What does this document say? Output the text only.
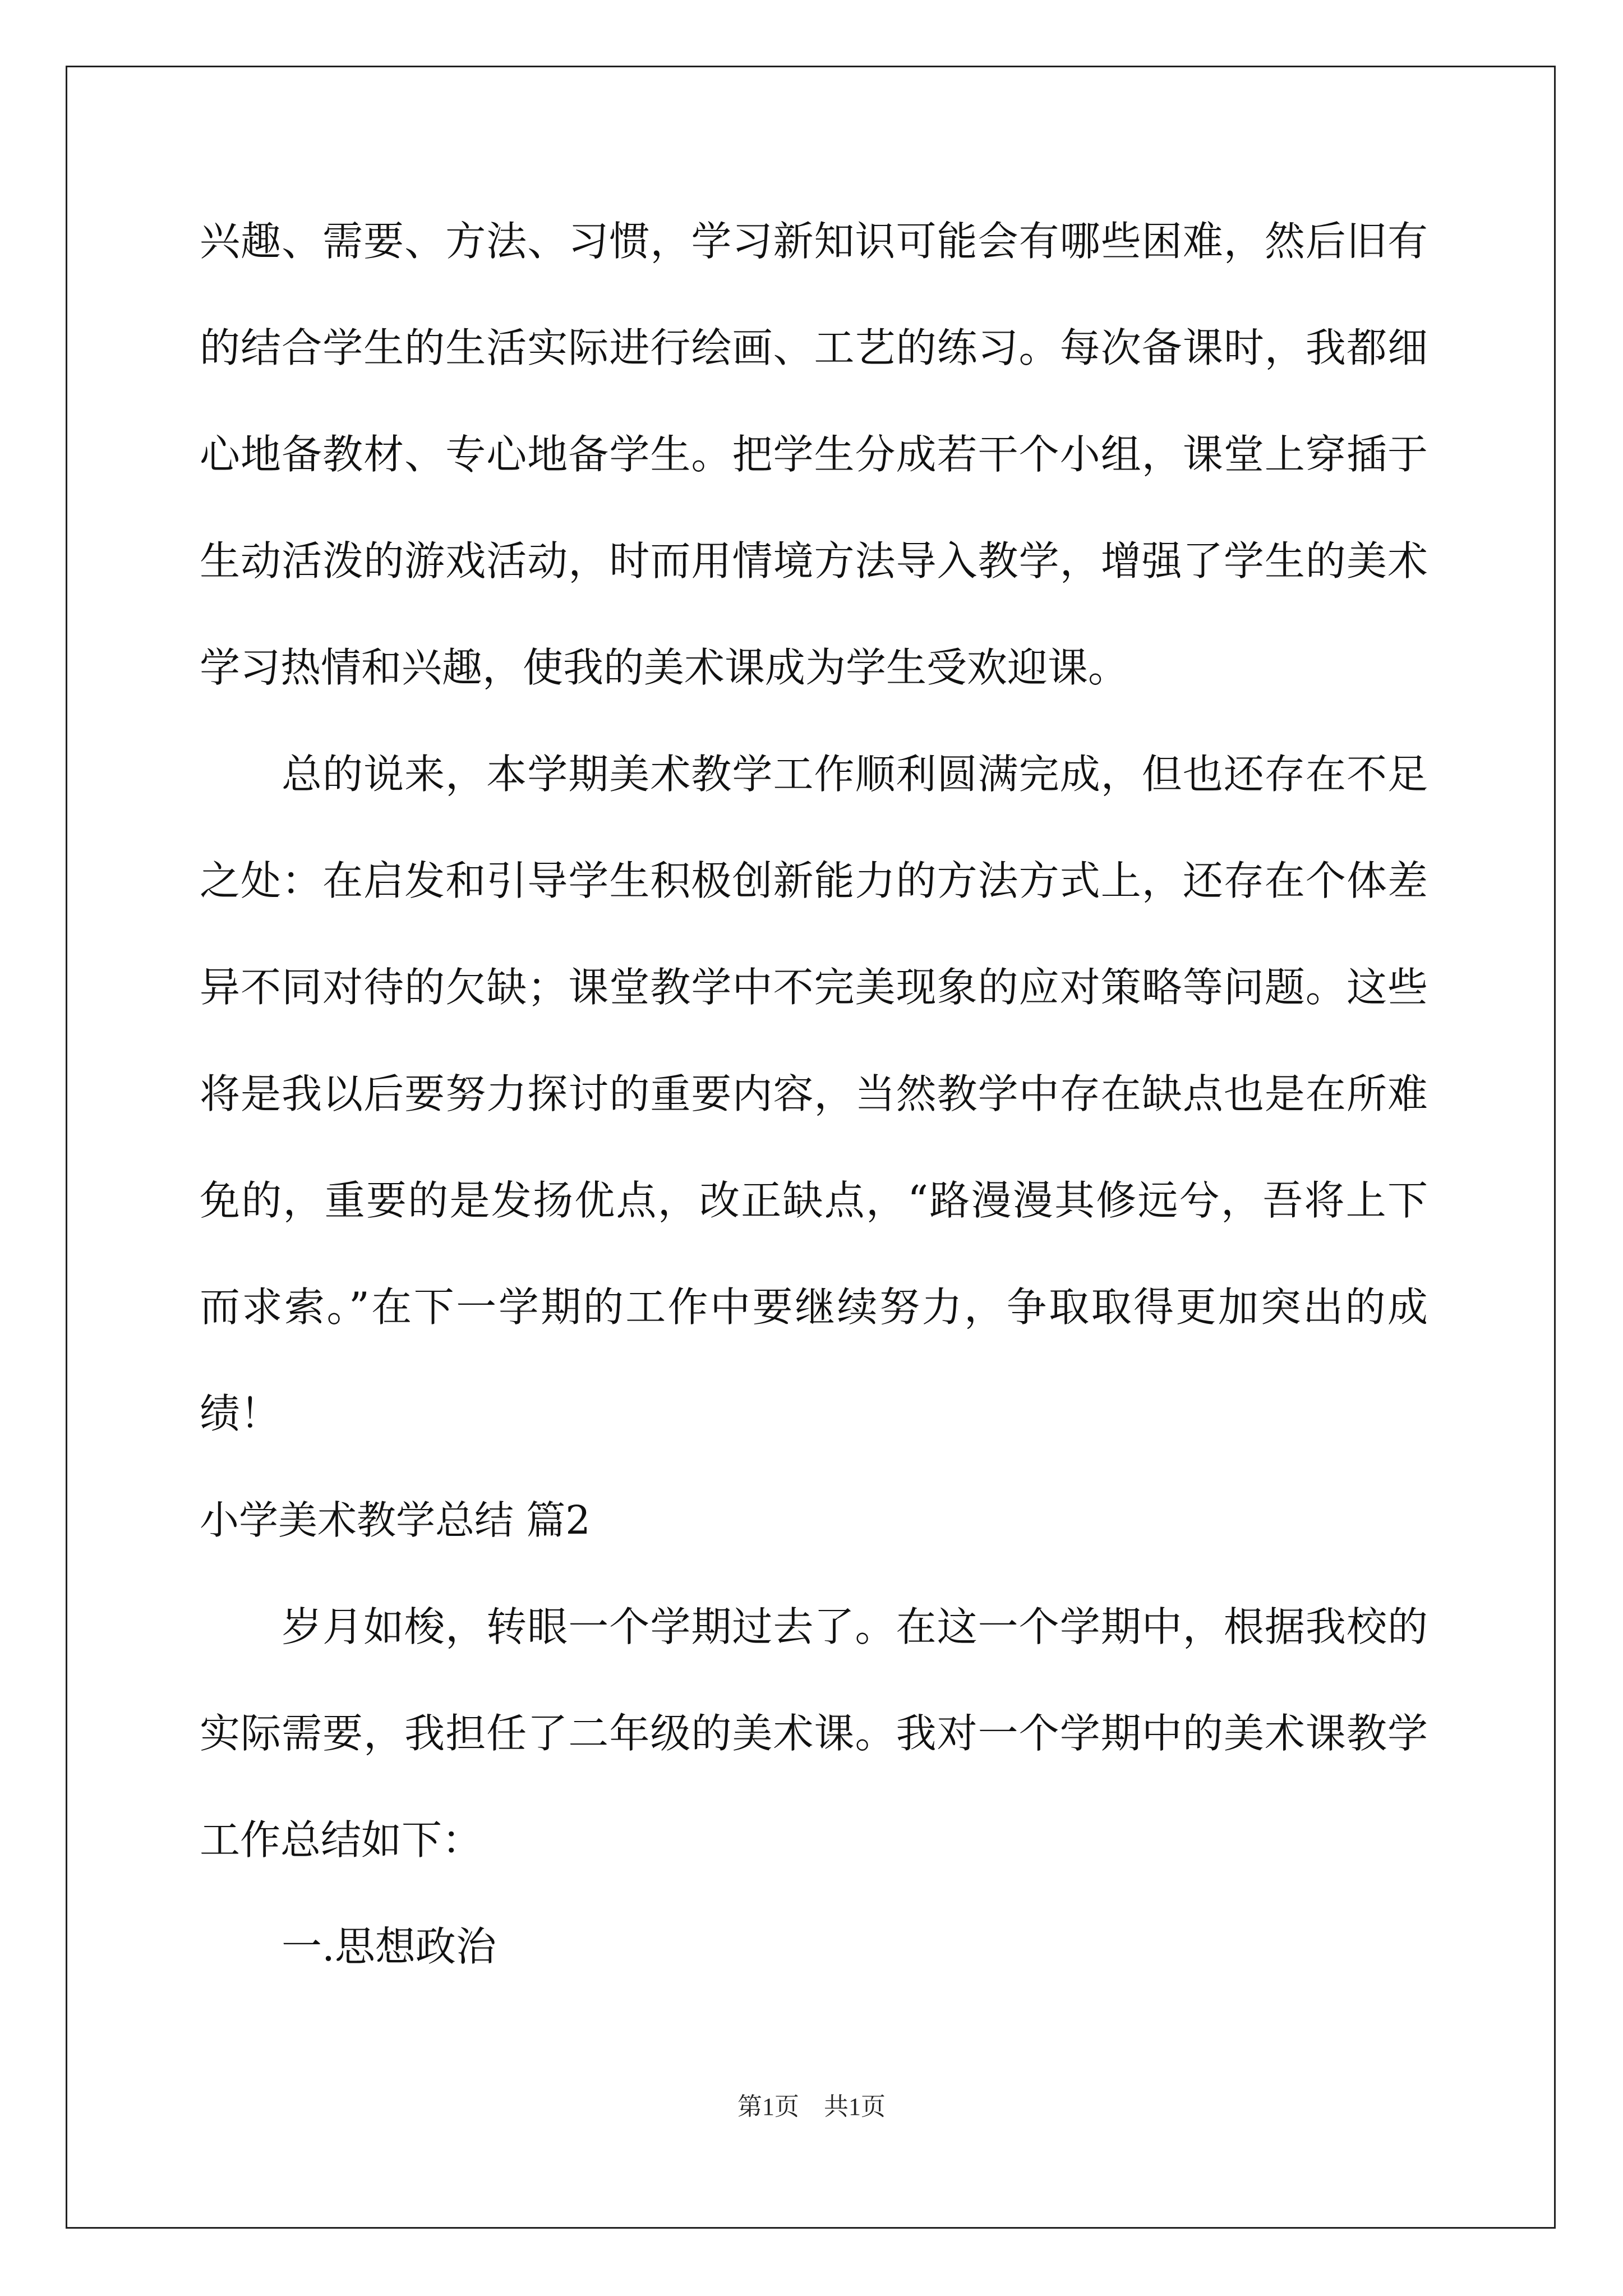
兴趣、需要、方法、习惯，学习新知识可能会有哪些困难，然后旧有
的结合学生的生活实际进行绘画、工艺的练习。每次备课时，我都细
心地备教材、专心地备学生。把学生分成若干个小组，课堂上穿插于
生动活泼的游戏活动，时而用情境方法导入教学，增强了学生的美术
学习热情和兴趣，使我的美术课成为学生受欢迎课。
总的说来，本学期美术教学工作顺利圆满完成，但也还存在不足
之处：在启发和引导学生积极创新能力的方法方式上，还存在个体差
异不同对待的欠缺；课堂教学中不完美现象的应对策略等问题。这些
将是我以后要努力探讨的重要内容，当然教学中存在缺点也是在所难
免的，重要的是发扬优点，改正缺点，“路漫漫其修远兮，吾将上下
而求索。”在下一学期的工作中要继续努力，争取取得更加突出的成
绩！
小学美术教学总结 篇2
岁月如梭，转眼一个学期过去了。在这一个学期中，根据我校的
实际需要，我担任了二年级的美术课。我对一个学期中的美术课教学
工作总结如下：
一.思想政治
第1页　共1页
